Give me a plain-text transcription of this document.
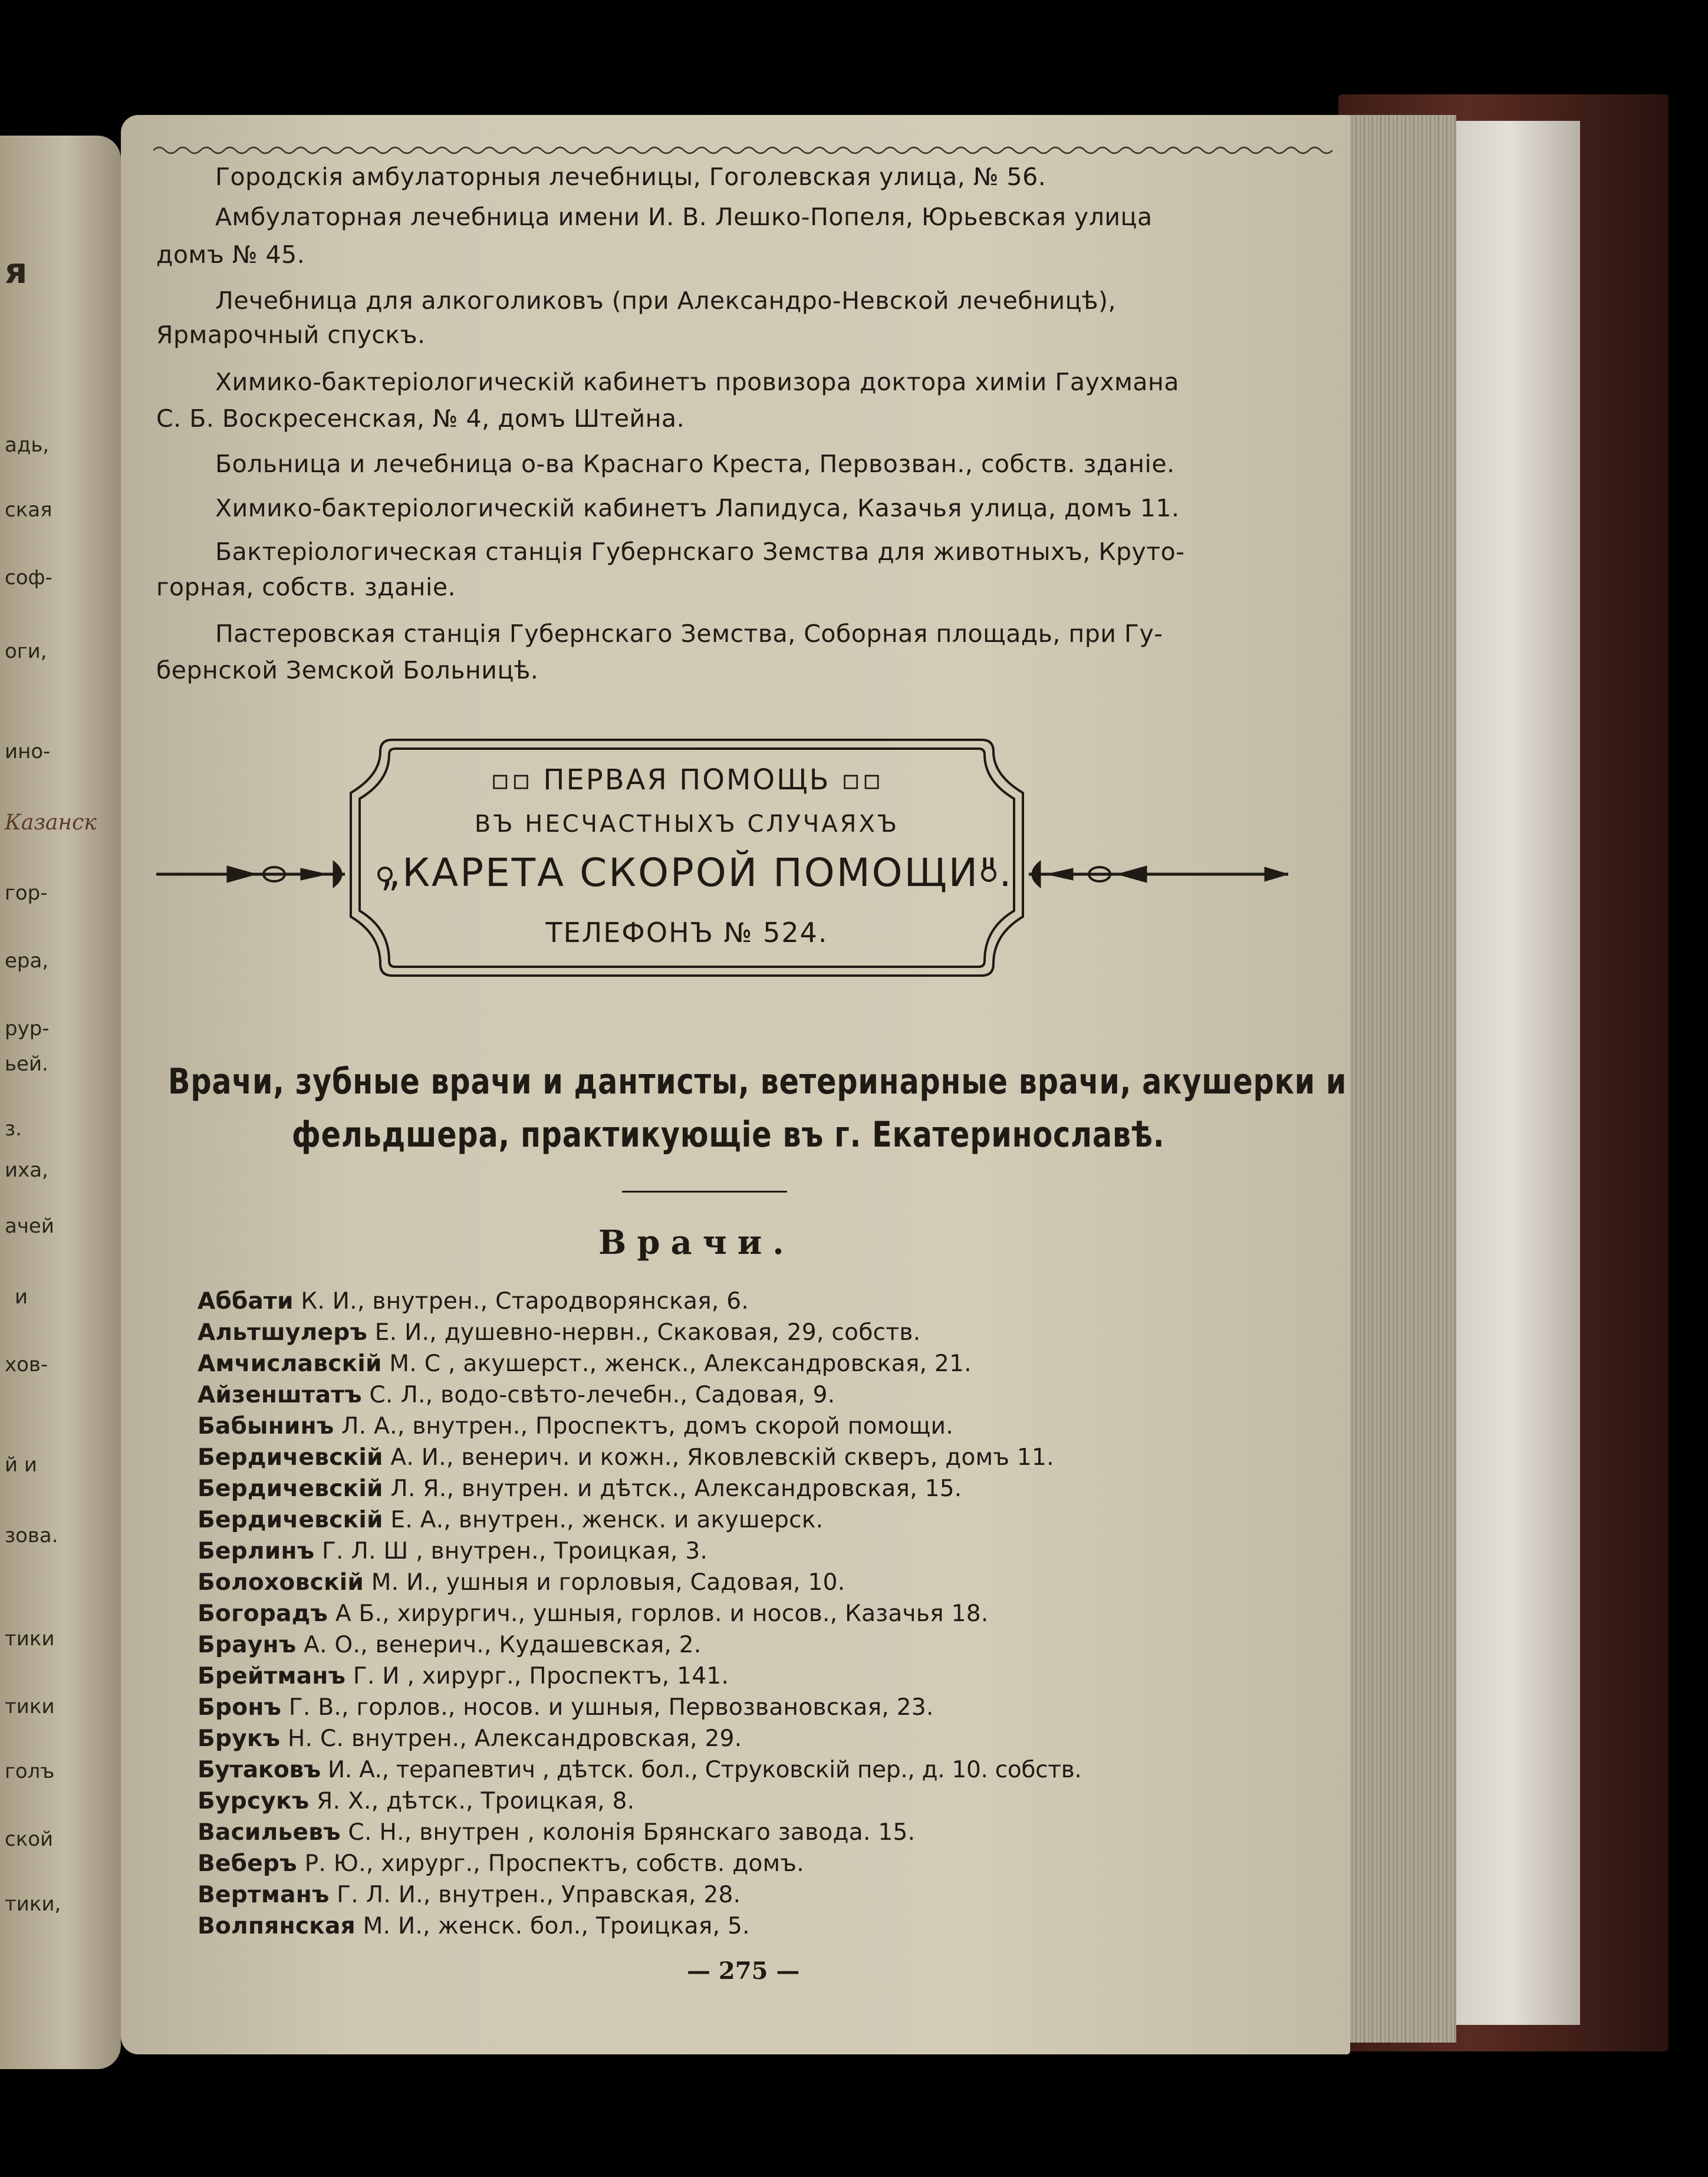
я
адь,
ская
соф-
оги,
ино-
Казанск
гор-
ера,
рур-
ьей.
з.
иха,
ачей
и
хов-
й и
зова.
тики
тики
голъ
ской
тики,
Городскія амбулаторныя лечебницы, Гоголевская улица, № 56.
Амбулаторная лечебница имени И. В. Лешко-Попеля, Юрьевская улица
домъ № 45.
Лечебница для алкоголиковъ (при Александро-Невской лечебницѣ),
Ярмарочный спускъ.
Химико-бактеріологическій кабинетъ провизора доктора химіи Гаухмана
С. Б. Воскресенская, № 4, домъ Штейна.
Больница и лечебница о-ва Краснаго Креста, Первозван., собств. зданіе.
Химико-бактеріологическій кабинетъ Лапидуса, Казачья улица, домъ 11.
Бактеріологическая станція Губернскаго Земства для животныхъ, Круто-
горная, собств. зданіе.
Пастеровская станція Губернскаго Земства, Соборная площадь, при Гу-
бернской Земской Больницѣ.
▫▫ ПЕРВАЯ ПОМОЩЬ ▫▫
ВЪ НЕСЧАСТНЫХЪ СЛУЧАЯХЪ
„КАРЕТА СКОРОЙ ПОМОЩИ".
ТЕЛЕФОНЪ № 524.
Врачи, зубные врачи и дантисты, ветеринарные врачи, акушерки и
фельдшера, практикующіе въ г. Екатеринославѣ.
Врачи.
Аббати К. И., внутрен., Стародворянская, 6.
Альтшулеръ Е. И., душевно-нервн., Скаковая, 29, собств.
Амчиславскій М. С , акушерст., женск., Александровская, 21.
Айзенштатъ С. Л., водо-свѣто-лечебн., Садовая, 9.
Бабынинъ Л. А., внутрен., Проспектъ, домъ скорой помощи.
Бердичевскій А. И., венерич. и кожн., Яковлевскій скверъ, домъ 11.
Бердичевскій Л. Я., внутрен. и дѣтск., Александровская, 15.
Бердичевскій Е. А., внутрен., женск. и акушерск.
Берлинъ Г. Л. Ш , внутрен., Троицкая, 3.
Болоховскій М. И., ушныя и горловыя, Садовая, 10.
Богорадъ А Б., хирургич., ушныя, горлов. и носов., Казачья 18.
Браунъ А. О., венерич., Кудашевская, 2.
Брейтманъ Г. И , хирург., Проспектъ, 141.
Бронъ Г. В., горлов., носов. и ушныя, Первозвановская, 23.
Брукъ Н. С. внутрен., Александровская, 29.
Бутаковъ И. А., терапевтич , дѣтск. бол., Струковскій пер., д. 10. собств.
Бурсукъ Я. Х., дѣтск., Троицкая, 8.
Васильевъ С. Н., внутрен , колонія Брянскаго завода. 15.
Веберъ Р. Ю., хирург., Проспектъ, собств. домъ.
Вертманъ Г. Л. И., внутрен., Управская, 28.
Волпянская М. И., женск. бол., Троицкая, 5.
— 275 —
